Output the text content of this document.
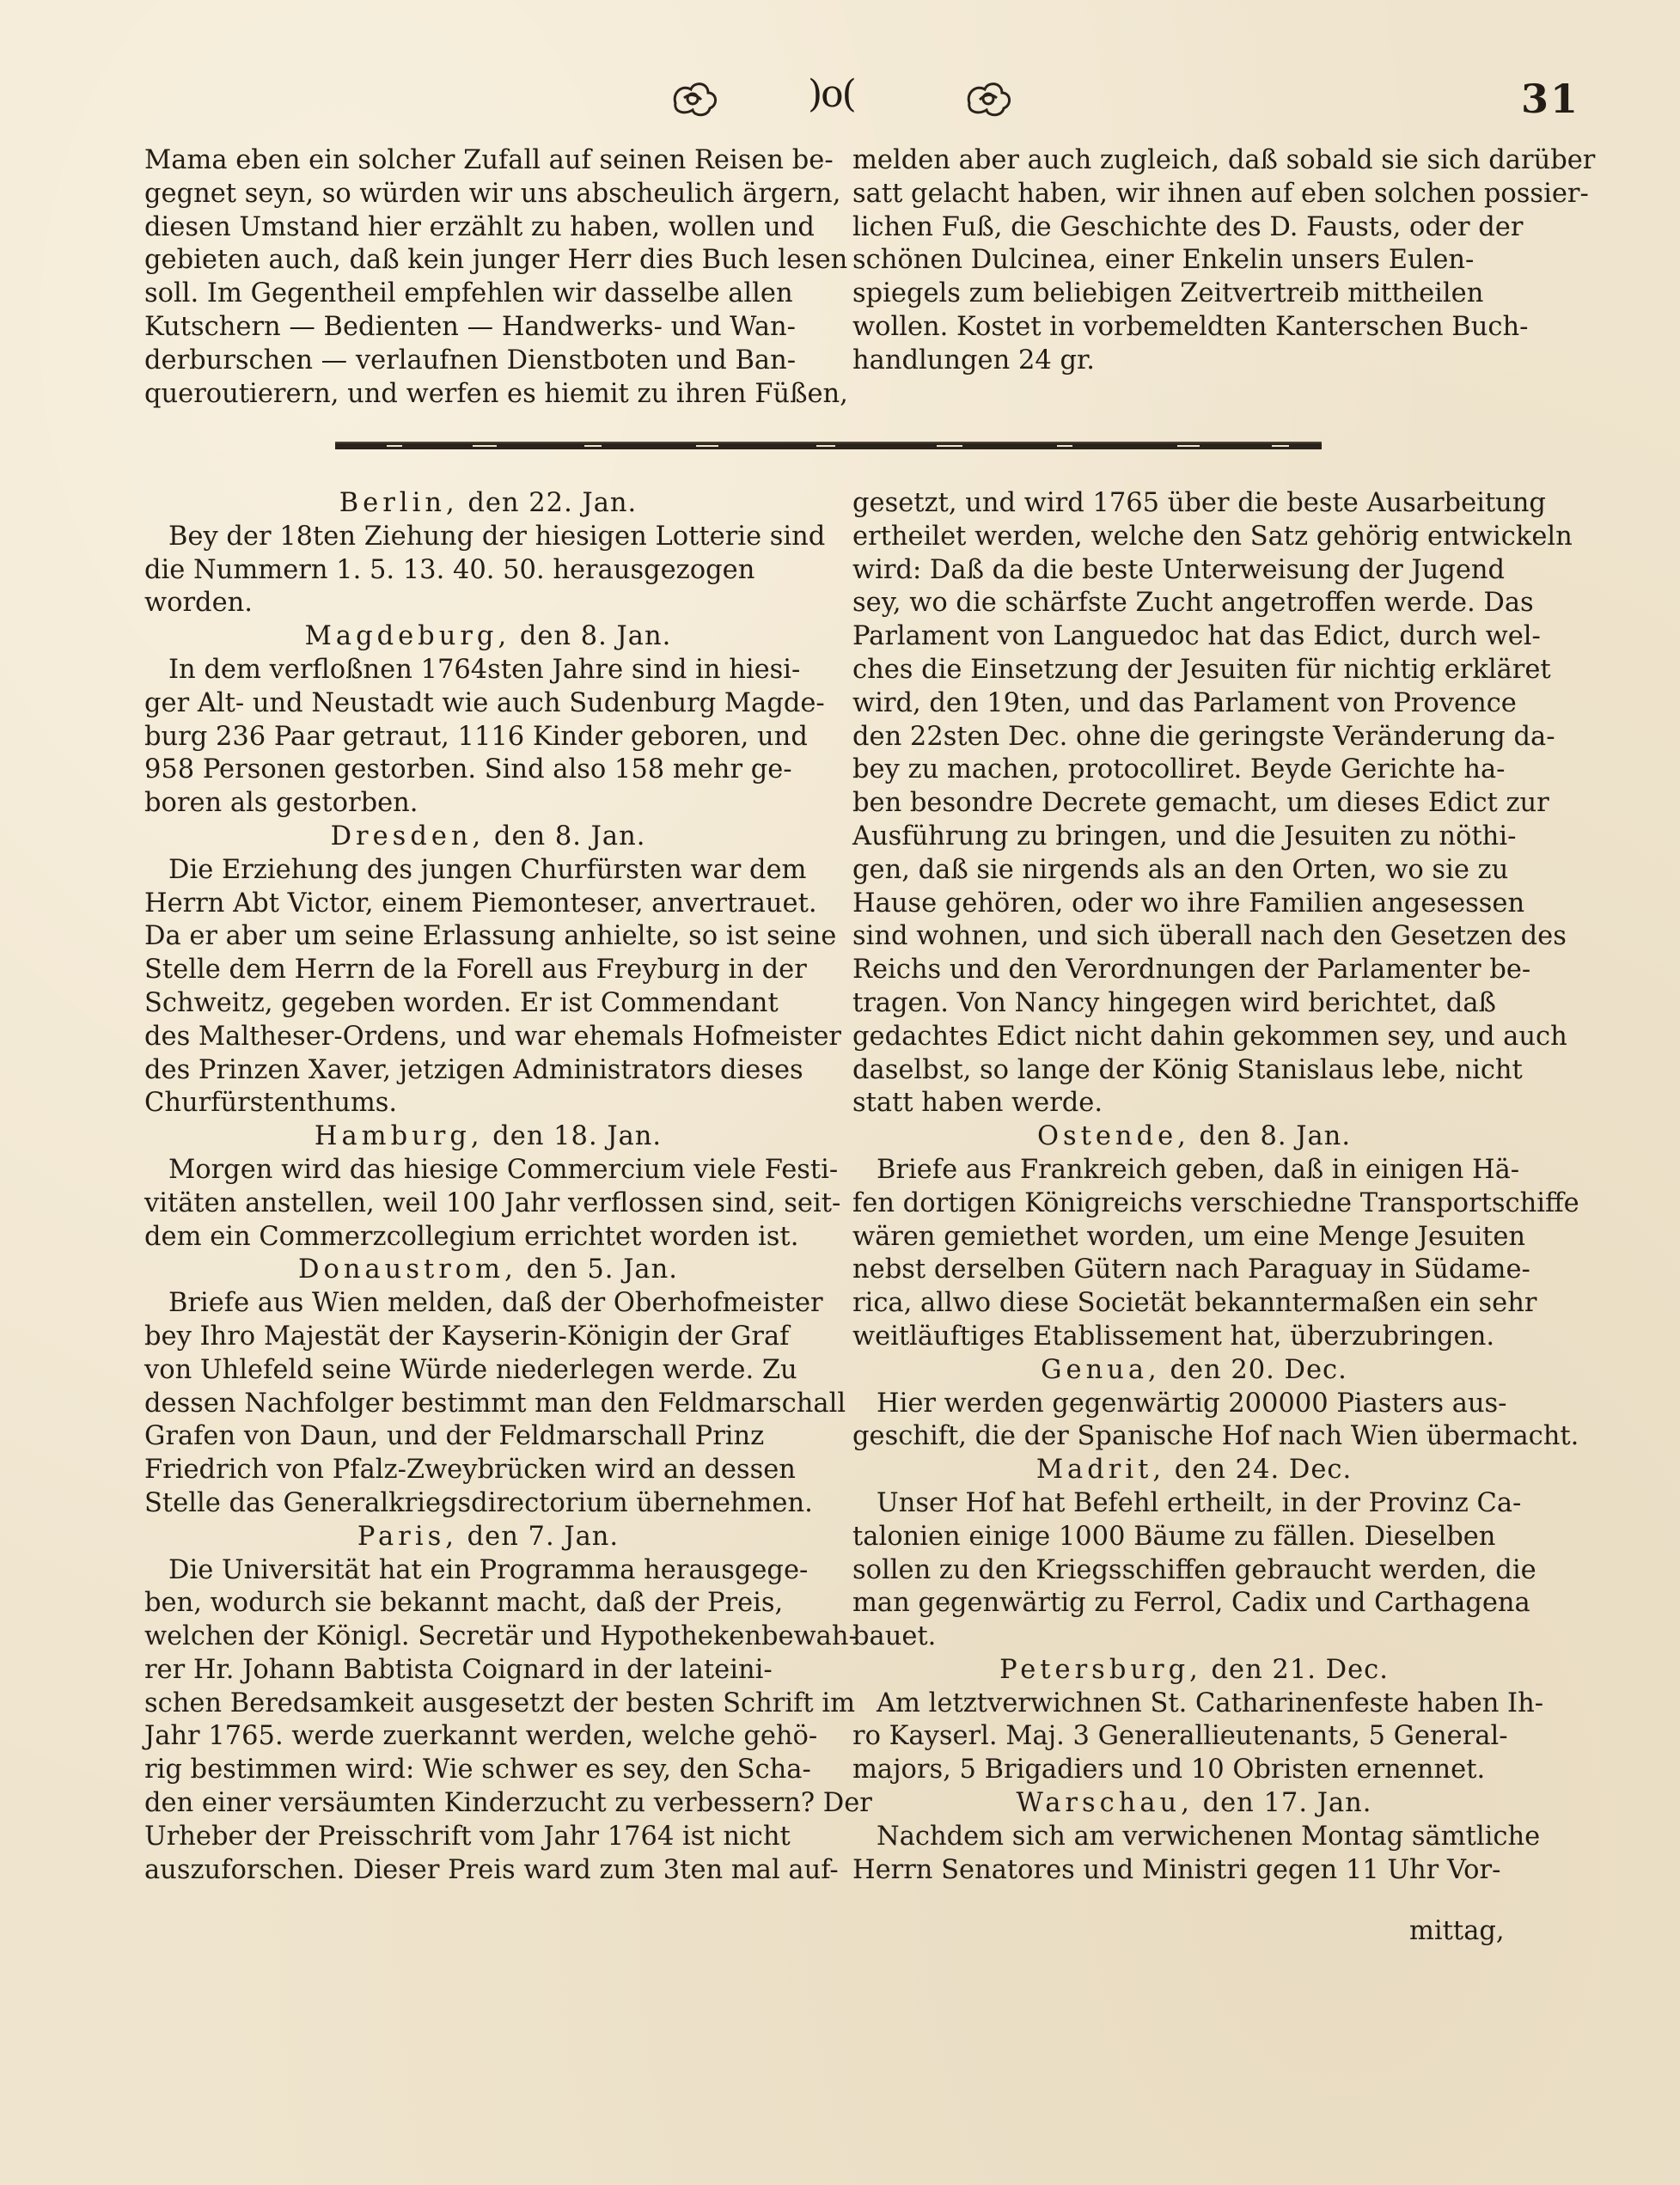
)o(	31

Mama eben ein solcher Zufall auf seinen Reisen be-

gegnet seyn, so würden wir uns abscheulich ärgern,

diesen Umstand hier erzählt zu haben, wollen und

gebieten auch, daß kein junger Herr dies Buch lesen

soll. Im Gegentheil empfehlen wir dasselbe allen

Kutschern — Bedienten — Handwerks- und Wan-

derburschen — verlaufnen Dienstboten und Ban-

queroutierern, und werfen es hiemit zu ihren Füßen,

melden aber auch zugleich, daß sobald sie sich darüber

satt gelacht haben, wir ihnen auf eben solchen possier-

lichen Fuß, die Geschichte des D. Fausts, oder der

schönen Dulcinea, einer Enkelin unsers Eulen-

spiegels zum beliebigen Zeitvertreib mittheilen

wollen. Kostet in vorbemeldten Kanterschen Buch-

handlungen 24 gr.

Berlin, den 22. Jan.

Bey der 18ten Ziehung der hiesigen Lotterie sind

die Nummern 1. 5. 13. 40. 50. herausgezogen

worden.

Magdeburg, den 8. Jan.

In dem verfloßnen 1764sten Jahre sind in hiesi-

ger Alt- und Neustadt wie auch Sudenburg Magde-

burg 236 Paar getraut, 1116 Kinder geboren, und

958 Personen gestorben. Sind also 158 mehr ge-

boren als gestorben.

Dresden, den 8. Jan.

Die Erziehung des jungen Churfürsten war dem

Herrn Abt Victor, einem Piemonteser, anvertrauet.

Da er aber um seine Erlassung anhielte, so ist seine

Stelle dem Herrn de la Forell aus Freyburg in der

Schweitz, gegeben worden. Er ist Commendant

des Maltheser-Ordens, und war ehemals Hofmeister

des Prinzen Xaver, jetzigen Administrators dieses

Churfürstenthums.

Hamburg, den 18. Jan.

Morgen wird das hiesige Commercium viele Festi-

vitäten anstellen, weil 100 Jahr verflossen sind, seit-

dem ein Commerzcollegium errichtet worden ist.

Donaustrom, den 5. Jan.

Briefe aus Wien melden, daß der Oberhofmeister

bey Ihro Majestät der Kayserin-Königin der Graf

von Uhlefeld seine Würde niederlegen werde. Zu

dessen Nachfolger bestimmt man den Feldmarschall

Grafen von Daun, und der Feldmarschall Prinz

Friedrich von Pfalz-Zweybrücken wird an dessen

Stelle das Generalkriegsdirectorium übernehmen.

Paris, den 7. Jan.

Die Universität hat ein Programma herausgege-

ben, wodurch sie bekannt macht, daß der Preis,

welchen der Königl. Secretär und Hypothekenbewah-

rer Hr. Johann Babtista Coignard in der lateini-

schen Beredsamkeit ausgesetzt der besten Schrift im

Jahr 1765. werde zuerkannt werden, welche gehö-

rig bestimmen wird: Wie schwer es sey, den Scha-

den einer versäumten Kinderzucht zu verbessern? Der

Urheber der Preisschrift vom Jahr 1764 ist nicht

auszuforschen. Dieser Preis ward zum 3ten mal auf-

gesetzt, und wird 1765 über die beste Ausarbeitung

ertheilet werden, welche den Satz gehörig entwickeln

wird: Daß da die beste Unterweisung der Jugend

sey, wo die schärfste Zucht angetroffen werde. Das

Parlament von Languedoc hat das Edict, durch wel-

ches die Einsetzung der Jesuiten für nichtig erkläret

wird, den 19ten, und das Parlament von Provence

den 22sten Dec. ohne die geringste Veränderung da-

bey zu machen, protocolliret. Beyde Gerichte ha-

ben besondre Decrete gemacht, um dieses Edict zur

Ausführung zu bringen, und die Jesuiten zu nöthi-

gen, daß sie nirgends als an den Orten, wo sie zu

Hause gehören, oder wo ihre Familien angesessen

sind wohnen, und sich überall nach den Gesetzen des

Reichs und den Verordnungen der Parlamenter be-

tragen. Von Nancy hingegen wird berichtet, daß

gedachtes Edict nicht dahin gekommen sey, und auch

daselbst, so lange der König Stanislaus lebe, nicht

statt haben werde.

Ostende, den 8. Jan.

Briefe aus Frankreich geben, daß in einigen Hä-

fen dortigen Königreichs verschiedne Transportschiffe

wären gemiethet worden, um eine Menge Jesuiten

nebst derselben Gütern nach Paraguay in Südame-

rica, allwo diese Societät bekanntermaßen ein sehr

weitläuftiges Etablissement hat, überzubringen.

Genua, den 20. Dec.

Hier werden gegenwärtig 200000 Piasters aus-

geschift, die der Spanische Hof nach Wien übermacht.

Madrit, den 24. Dec.

Unser Hof hat Befehl ertheilt, in der Provinz Ca-

talonien einige 1000 Bäume zu fällen. Dieselben

sollen zu den Kriegsschiffen gebraucht werden, die

man gegenwärtig zu Ferrol, Cadix und Carthagena

bauet.

Petersburg, den 21. Dec.

Am letztverwichnen St. Catharinenfeste haben Ih-

ro Kayserl. Maj. 3 Generallieutenants, 5 General-

majors, 5 Brigadiers und 10 Obristen ernennet.

Warschau, den 17. Jan.

Nachdem sich am verwichenen Montag sämtliche

Herrn Senatores und Ministri gegen 11 Uhr Vor-

mittag,
